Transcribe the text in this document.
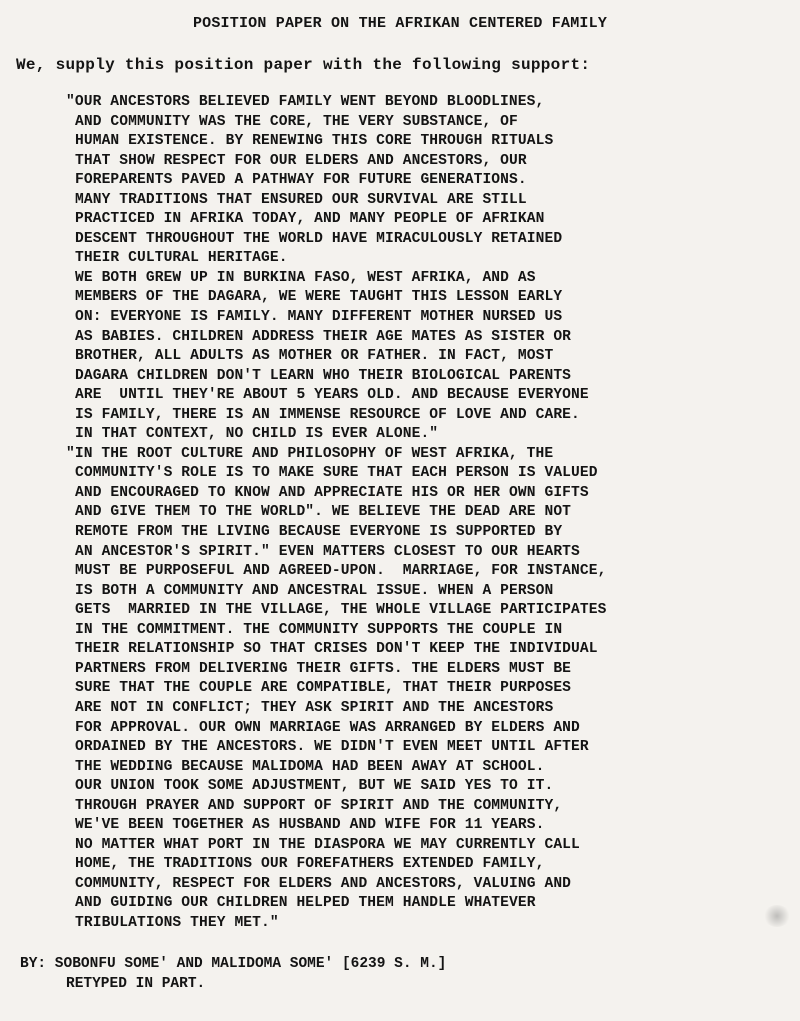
POSITION PAPER ON THE AFRIKAN CENTERED FAMILY
We, supply this position paper with the following support:
"OUR ANCESTORS BELIEVED FAMILY WENT BEYOND BLOODLINES,
AND COMMUNITY WAS THE CORE, THE VERY SUBSTANCE, OF
HUMAN EXISTENCE. BY RENEWING THIS CORE THROUGH RITUALS
THAT SHOW RESPECT FOR OUR ELDERS AND ANCESTORS, OUR
FOREPARENTS PAVED A PATHWAY FOR FUTURE GENERATIONS.
MANY TRADITIONS THAT ENSURED OUR SURVIVAL ARE STILL
PRACTICED IN AFRIKA TODAY, AND MANY PEOPLE OF AFRIKAN
DESCENT THROUGHOUT THE WORLD HAVE MIRACULOUSLY RETAINED
THEIR CULTURAL HERITAGE.
WE BOTH GREW UP IN BURKINA FASO, WEST AFRIKA, AND AS
MEMBERS OF THE DAGARA, WE WERE TAUGHT THIS LESSON EARLY
ON: EVERYONE IS FAMILY. MANY DIFFERENT MOTHER NURSED US
AS BABIES. CHILDREN ADDRESS THEIR AGE MATES AS SISTER OR
BROTHER, ALL ADULTS AS MOTHER OR FATHER. IN FACT, MOST
DAGARA CHILDREN DON'T LEARN WHO THEIR BIOLOGICAL PARENTS
ARE  UNTIL THEY'RE ABOUT 5 YEARS OLD. AND BECAUSE EVERYONE
IS FAMILY, THERE IS AN IMMENSE RESOURCE OF LOVE AND CARE.
IN THAT CONTEXT, NO CHILD IS EVER ALONE."
"IN THE ROOT CULTURE AND PHILOSOPHY OF WEST AFRIKA, THE
COMMUNITY'S ROLE IS TO MAKE SURE THAT EACH PERSON IS VALUED
AND ENCOURAGED TO KNOW AND APPRECIATE HIS OR HER OWN GIFTS
AND GIVE THEM TO THE WORLD". WE BELIEVE THE DEAD ARE NOT
REMOTE FROM THE LIVING BECAUSE EVERYONE IS SUPPORTED BY
AN ANCESTOR'S SPIRIT." EVEN MATTERS CLOSEST TO OUR HEARTS
MUST BE PURPOSEFUL AND AGREED-UPON.  MARRIAGE, FOR INSTANCE,
IS BOTH A COMMUNITY AND ANCESTRAL ISSUE. WHEN A PERSON
GETS  MARRIED IN THE VILLAGE, THE WHOLE VILLAGE PARTICIPATES
IN THE COMMITMENT. THE COMMUNITY SUPPORTS THE COUPLE IN
THEIR RELATIONSHIP SO THAT CRISES DON'T KEEP THE INDIVIDUAL
PARTNERS FROM DELIVERING THEIR GIFTS. THE ELDERS MUST BE
SURE THAT THE COUPLE ARE COMPATIBLE, THAT THEIR PURPOSES
ARE NOT IN CONFLICT; THEY ASK SPIRIT AND THE ANCESTORS
FOR APPROVAL. OUR OWN MARRIAGE WAS ARRANGED BY ELDERS AND
ORDAINED BY THE ANCESTORS. WE DIDN'T EVEN MEET UNTIL AFTER
THE WEDDING BECAUSE MALIDOMA HAD BEEN AWAY AT SCHOOL.
OUR UNION TOOK SOME ADJUSTMENT, BUT WE SAID YES TO IT.
THROUGH PRAYER AND SUPPORT OF SPIRIT AND THE COMMUNITY,
WE'VE BEEN TOGETHER AS HUSBAND AND WIFE FOR 11 YEARS.
NO MATTER WHAT PORT IN THE DIASPORA WE MAY CURRENTLY CALL
HOME, THE TRADITIONS OUR FOREFATHERS EXTENDED FAMILY,
COMMUNITY, RESPECT FOR ELDERS AND ANCESTORS, VALUING AND
AND GUIDING OUR CHILDREN HELPED THEM HANDLE WHATEVER
TRIBULATIONS THEY MET."
BY: SOBONFU SOME' AND MALIDOMA SOME' [6239 S. M.]
RETYPED IN PART.
